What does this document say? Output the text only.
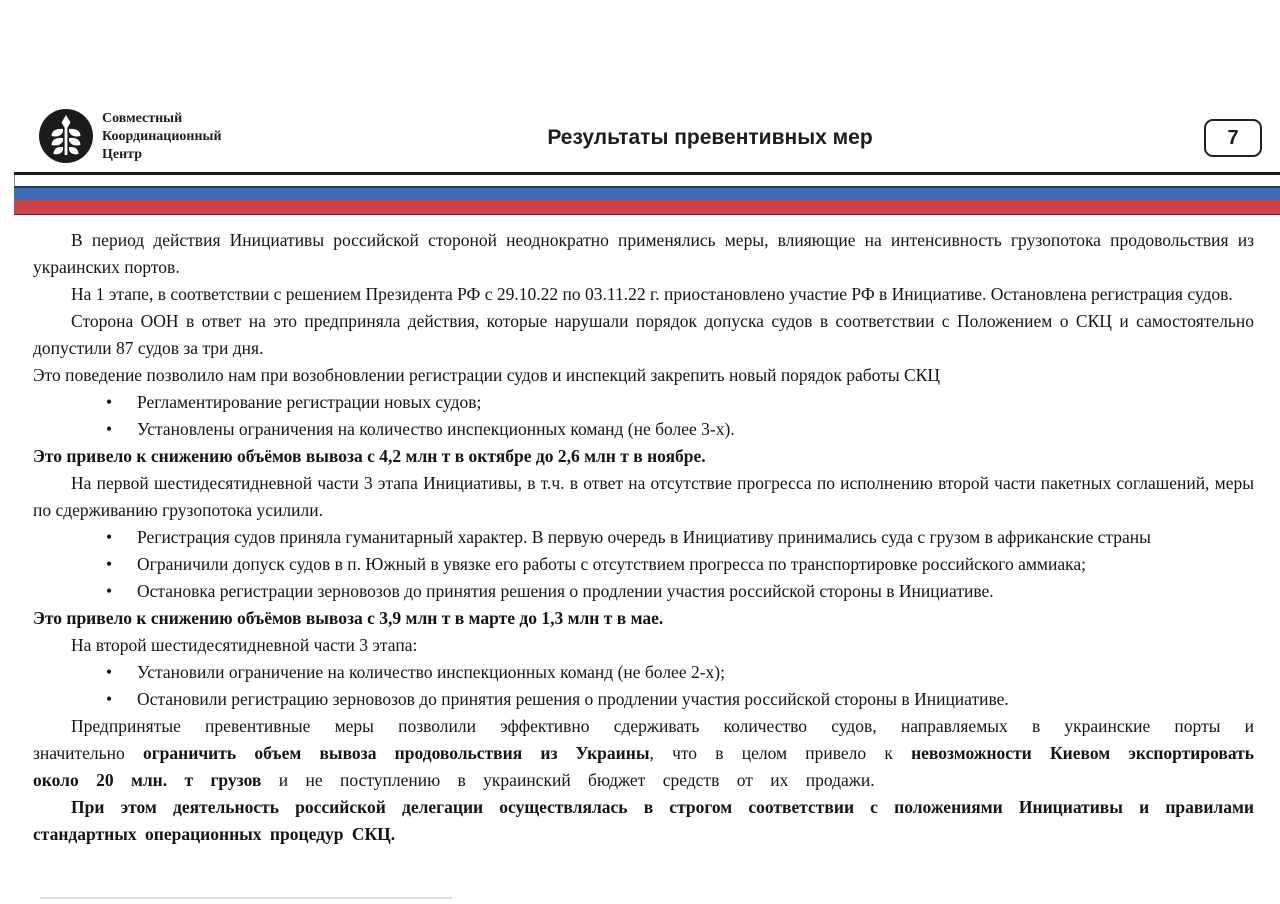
Совместный
Координационный
Центр
Результаты превентивных мер	7

В период действия Инициативы российской стороной неоднократно применялись меры, влияющие на интенсивность грузопотока продовольствия из украинских портов.

На 1 этапе, в соответствии с решением Президента РФ с 29.10.22 по 03.11.22 г. приостановлено участие РФ в Инициативе. Остановлена регистрация судов.

Сторона ООН в ответ на это предприняла действия, которые нарушали порядок допуска судов в соответствии с Положением о СКЦ и самостоятельно допустили 87 судов за три дня.

Это поведение позволило нам при возобновлении регистрации судов и инспекций закрепить новый порядок работы СКЦ

• Регламентирование регистрации новых судов;

• Установлены ограничения на количество инспекционных команд (не более 3-х).

Это привело к снижению объёмов вывоза с 4,2 млн т в октябре до 2,6 млн т в ноябре.

На первой шестидесятидневной части 3 этапа Инициативы, в т.ч. в ответ на отсутствие прогресса по исполнению второй части пакетных соглашений, меры по сдерживанию грузопотока усилили.

• Регистрация судов приняла гуманитарный характер. В первую очередь в Инициативу принимались суда с грузом в африканские страны

• Ограничили допуск судов в п. Южный в увязке его работы с отсутствием прогресса по транспортировке российского аммиака;

• Остановка регистрации зерновозов до принятия решения о продлении участия российской стороны в Инициативе.

Это привело к снижению объёмов вывоза с 3,9 млн т в марте до 1,3 млн т в мае.

На второй шестидесятидневной части 3 этапа:

• Установили ограничение на количество инспекционных команд (не более 2-х);

• Остановили регистрацию зерновозов до принятия решения о продлении участия российской стороны в Инициативе.

Предпринятые превентивные меры позволили эффективно сдерживать количество судов, направляемых в украинские порты и значительно ограничить объем вывоза продовольствия из Украины, что в целом привело к невозможности Киевом экспортировать около 20 млн. т грузов и не поступлению в украинский бюджет средств от их продажи.

При этом деятельность российской делегации осуществлялась в строгом соответствии с положениями Инициативы и правилами стандартных операционных процедур СКЦ.
